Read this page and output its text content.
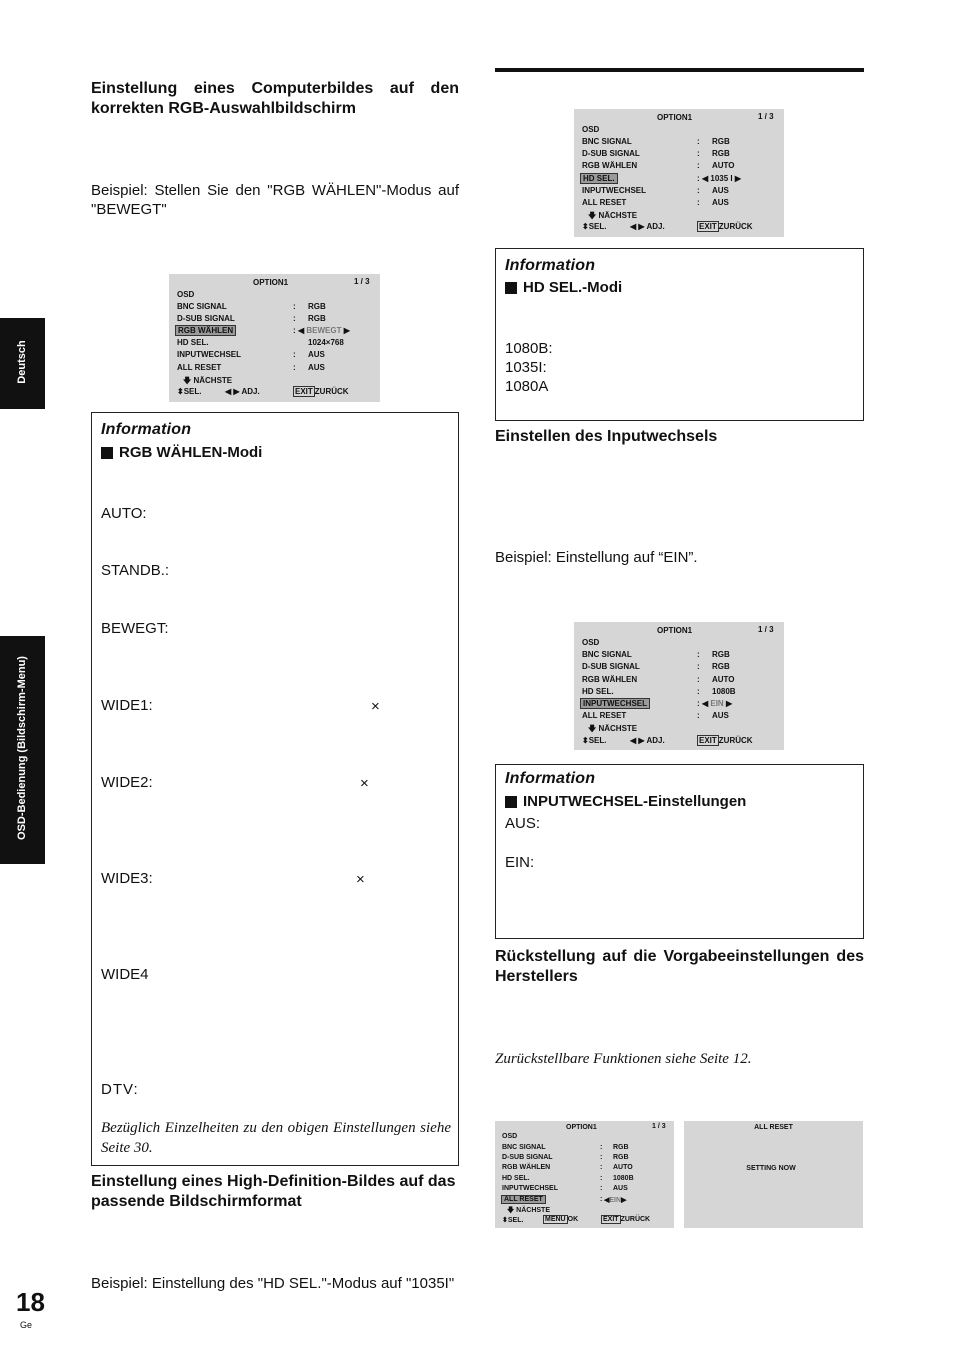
Deutsch
OSD-Bedienung (Bildschirm-Menu)
Einstellung eines Computerbildes auf den korrekten RGB-Auswahlbildschirm
Beispiel: Stellen Sie den "RGB WÄHLEN"-Modus auf "BEWEGT"
OPTION1	1 / 3
OSD
BNC SIGNAL	: RGB
D-SUB SIGNAL	: RGB
RGB WÄHLEN	: ◀ BEWEGT ▶
HD SEL.	1024×768
INPUTWECHSEL	: AUS
ALL RESET	: AUS
🡇 NÄCHSTE
⬍SEL.	◀ ▶ ADJ.	EXIT ZURÜCK
Information
RGB WÄHLEN-Modi
AUTO:
STANDB.:
BEWEGT:
WIDE1:	×
WIDE2:	×
WIDE3:	×
WIDE4
DTV:
Bezüglich Einzelheiten zu den obigen Einstellungen siehe Seite 30.
Einstellung eines High-Definition-Bildes auf das passende Bildschirmformat
Beispiel: Einstellung des "HD SEL."-Modus auf "1035I"
18
Ge
OPTION1	1 / 3
OSD
BNC SIGNAL	: RGB
D-SUB SIGNAL	: RGB
RGB WÄHLEN	: AUTO
HD SEL.	: ◀ 1035 I ▶
INPUTWECHSEL	: AUS
ALL RESET	: AUS
🡇 NÄCHSTE
⬍SEL.	◀ ▶ ADJ.	EXIT ZURÜCK
Information
HD SEL.-Modi
1080B:
1035I:
1080A
Einstellen des Inputwechsels
Beispiel: Einstellung auf “EIN”.
OPTION1	1 / 3
OSD
BNC SIGNAL	: RGB
D-SUB SIGNAL	: RGB
RGB WÄHLEN	: AUTO
HD SEL.	: 1080B
INPUTWECHSEL	: ◀ EIN ▶
ALL RESET	: AUS
🡇 NÄCHSTE
⬍SEL.	◀ ▶ ADJ.	EXIT ZURÜCK
Information
INPUTWECHSEL-Einstellungen
AUS:
EIN:
Rückstellung auf die Vorgabeeinstellungen des Herstellers
Zurückstellbare Funktionen siehe Seite 12.
OPTION1	1 / 3
OSD
BNC SIGNAL	: RGB
D-SUB SIGNAL	: RGB
RGB WÄHLEN	: AUTO
HD SEL.	: 1080B
INPUTWECHSEL	: AUS
ALL RESET	: ◀EIN▶
🡇 NÄCHSTE
⬍SEL.	MENU OK	EXIT ZURÜCK
ALL RESET
SETTING NOW
